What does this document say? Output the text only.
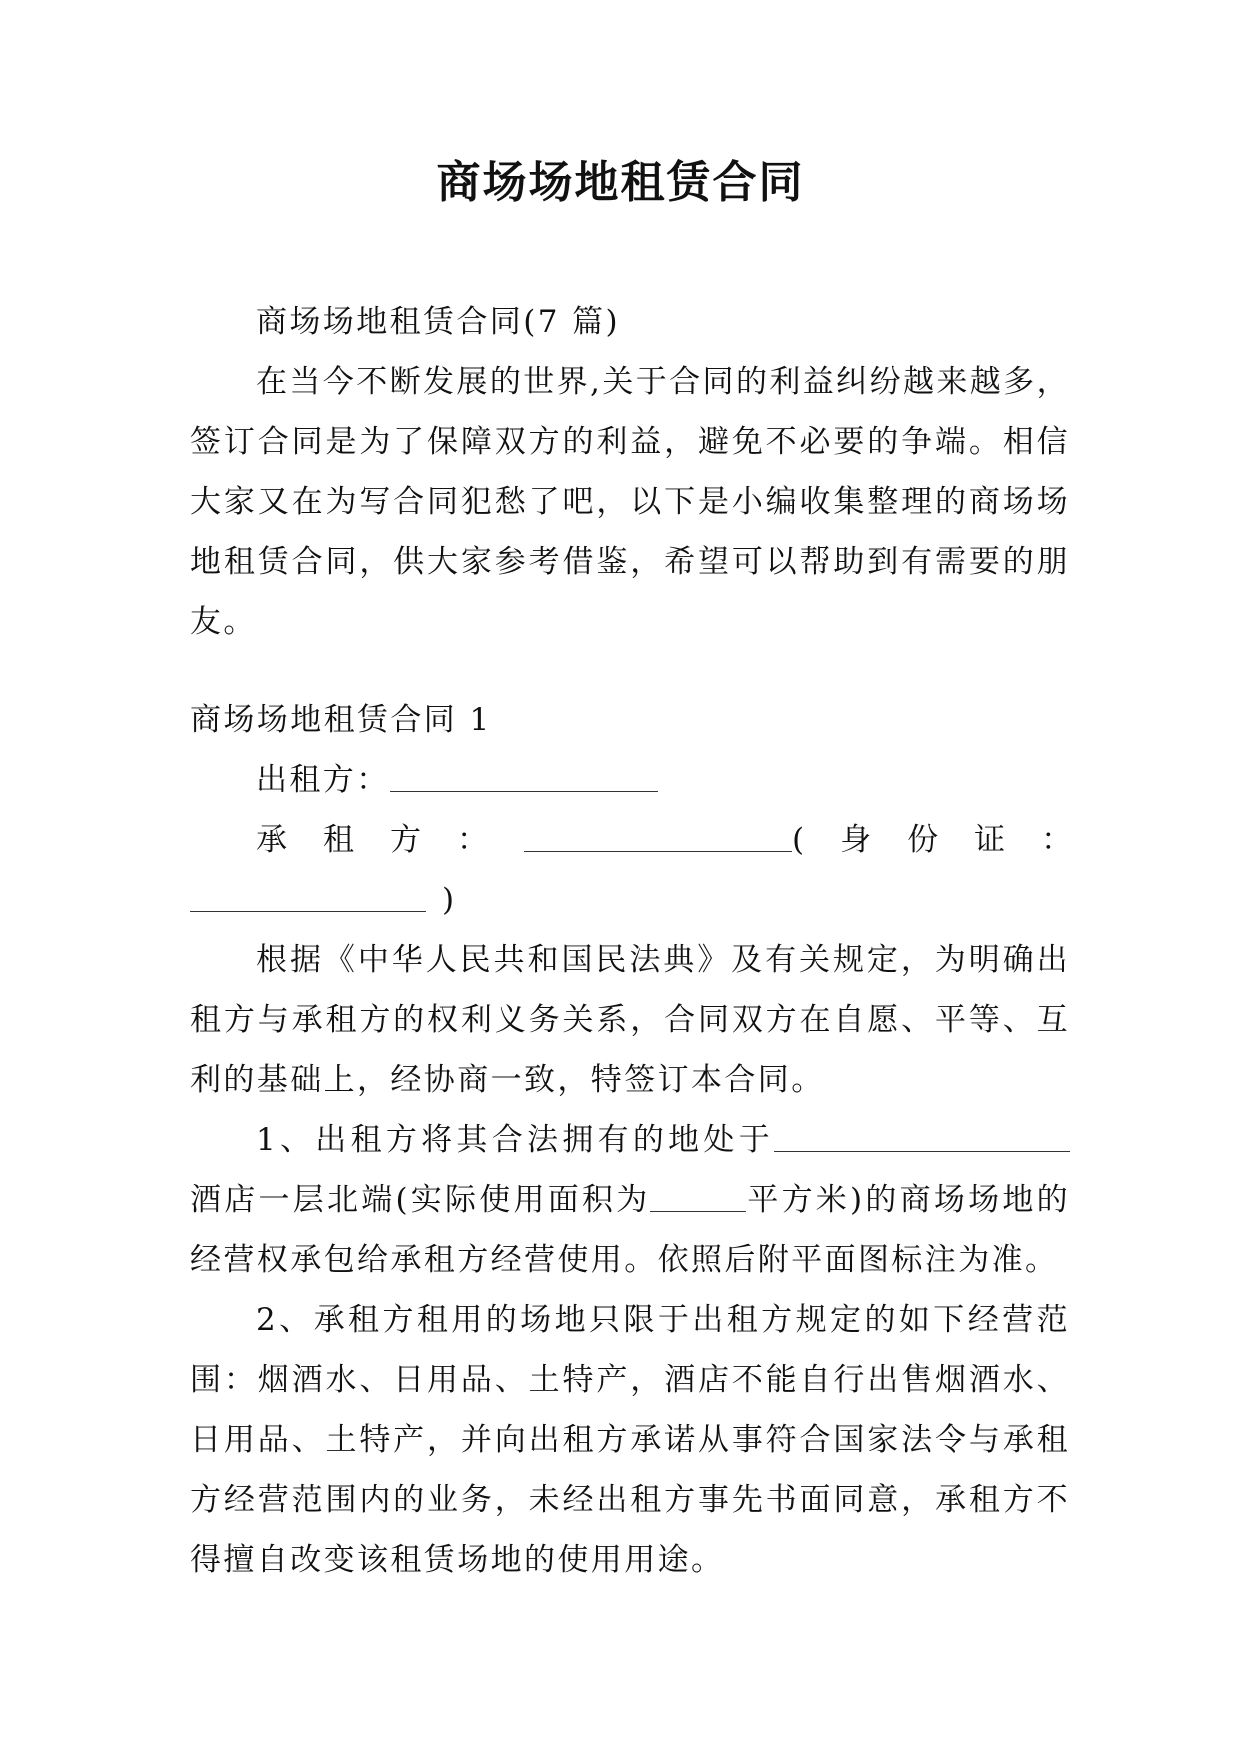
商场场地租赁合同

商场场地租赁合同(7 篇)

在当今不断发展的世界,关于合同的利益纠纷越来越多，签订合同是为了保障双方的利益，避免不必要的争端。相信大家又在为写合同犯愁了吧，以下是小编收集整理的商场场地租赁合同，供大家参考借鉴，希望可以帮助到有需要的朋友。

商场场地租赁合同 1

出租方：

承租方：	(身份证：

)

根据《中华人民共和国民法典》及有关规定，为明确出租方与承租方的权利义务关系，合同双方在自愿、平等、互利的基础上，经协商一致，特签订本合同。

1、出租方将其合法拥有的地处于酒店一层北端(实际使用面积为	平方米)的商场场地的经营权承包给承租方经营使用。依照后附平面图标注为准。

2、承租方租用的场地只限于出租方规定的如下经营范围：烟酒水、日用品、土特产，酒店不能自行出售烟酒水、日用品、土特产，并向出租方承诺从事符合国家法令与承租方经营范围内的业务，未经出租方事先书面同意，承租方不得擅自改变该租赁场地的使用用途。
